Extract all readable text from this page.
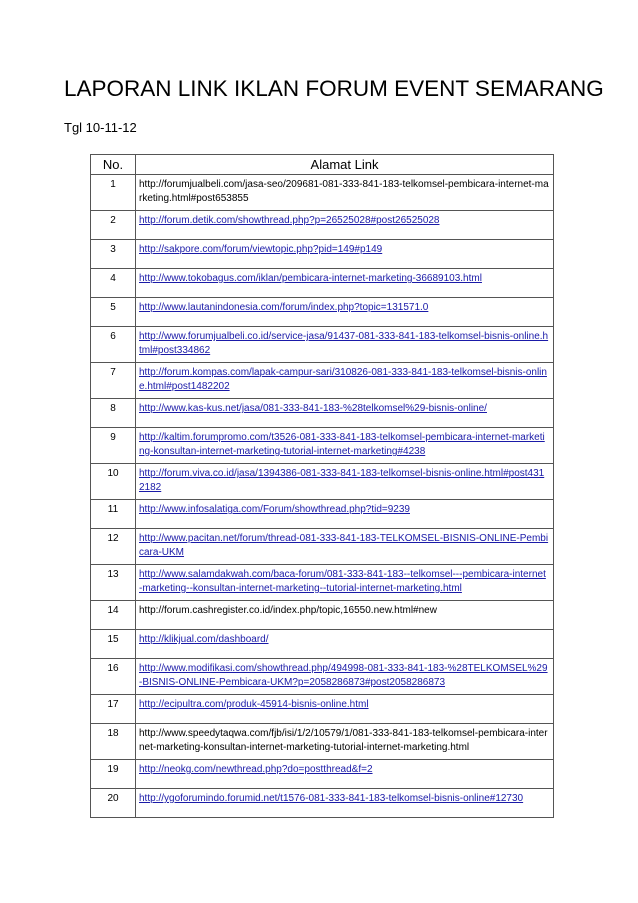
LAPORAN LINK IKLAN FORUM EVENT SEMARANG
Tgl 10-11-12
No.	Alamat Link
1	http://forumjualbeli.com/jasa-seo/209681-081-333-841-183-telkomsel-pembicara-internet-marketing.html#post653855
2	http://forum.detik.com/showthread.php?p=26525028#post26525028
3	http://sakpore.com/forum/viewtopic.php?pid=149#p149
4	http://www.tokobagus.com/iklan/pembicara-internet-marketing-36689103.html
5	http://www.lautanindonesia.com/forum/index.php?topic=131571.0
6	http://www.forumjualbeli.co.id/service-jasa/91437-081-333-841-183-telkomsel-bisnis-online.html#post334862
7	http://forum.kompas.com/lapak-campur-sari/310826-081-333-841-183-telkomsel-bisnis-online.html#post1482202
8	http://www.kas-kus.net/jasa/081-333-841-183-%28telkomsel%29-bisnis-online/
9	http://kaltim.forumpromo.com/t3526-081-333-841-183-telkomsel-pembicara-internet-marketing-konsultan-internet-marketing-tutorial-internet-marketing#4238
10	http://forum.viva.co.id/jasa/1394386-081-333-841-183-telkomsel-bisnis-online.html#post4312182
11	http://www.infosalatiga.com/Forum/showthread.php?tid=9239
12	http://www.pacitan.net/forum/thread-081-333-841-183-TELKOMSEL-BISNIS-ONLINE-Pembicara-UKM
13	http://www.salamdakwah.com/baca-forum/081-333-841-183--telkomsel---pembicara-internet-marketing--konsultan-internet-marketing--tutorial-internet-marketing.html
14	http://forum.cashregister.co.id/index.php/topic,16550.new.html#new
15	http://klikjual.com/dashboard/
16	http://www.modifikasi.com/showthread.php/494998-081-333-841-183-%28TELKOMSEL%29-BISNIS-ONLINE-Pembicara-UKM?p=2058286873#post2058286873
17	http://ecipultra.com/produk-45914-bisnis-online.html
18	http://www.speedytaqwa.com/fjb/isi/1/2/10579/1/081-333-841-183-telkomsel-pembicara-internet-marketing-konsultan-internet-marketing-tutorial-internet-marketing.html
19	http://neokg.com/newthread.php?do=postthread&f=2
20	http://ygoforumindo.forumid.net/t1576-081-333-841-183-telkomsel-bisnis-online#12730
